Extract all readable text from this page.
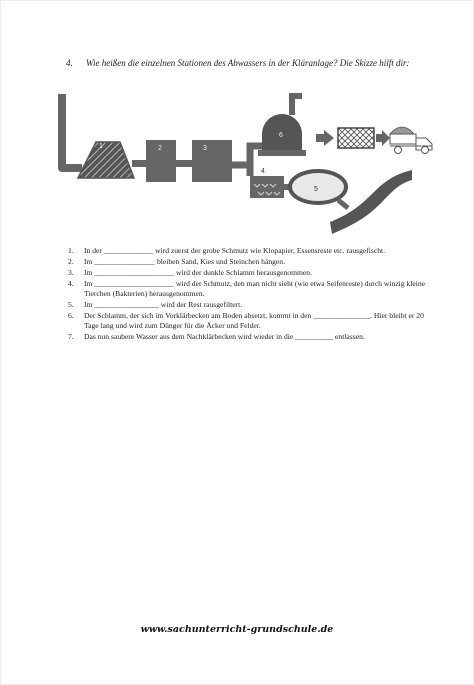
4. Wie heißen die einzelnen Stationen des Abwassers in der Kläranlage? Die Skizze hilft dir:
1	2	3
6
4
5
7
1. In der _____________ wird zuerst der grobe Schmutz wie Klopapier, Essensreste etc. rausgefischt.
2. Im ________________ bleiben Sand, Kies und Steinchen hängen.
3. Im _____________________ wird der dunkle Schlamm herausgenommen.
4. Im _____________________ wird der Schmutz, den man nicht sieht (wie etwa Seifenreste) durch winzig kleine Tierchen (Bakterien) herausgenommen.
5. Im _________________ wird der Rest rausgefiltert.
6. Der Schlamm, der sich im Vorklärbecken am Boden absetzt, kommt in den _______________. Hier bleibt er 20 Tage lang und wird zum Dünger für die Äcker und Felder.
7. Das nun saubere Wasser aus dem Nachklärbecken wird wieder in die __________ entlassen.
www.sachunterricht-grundschule.de
